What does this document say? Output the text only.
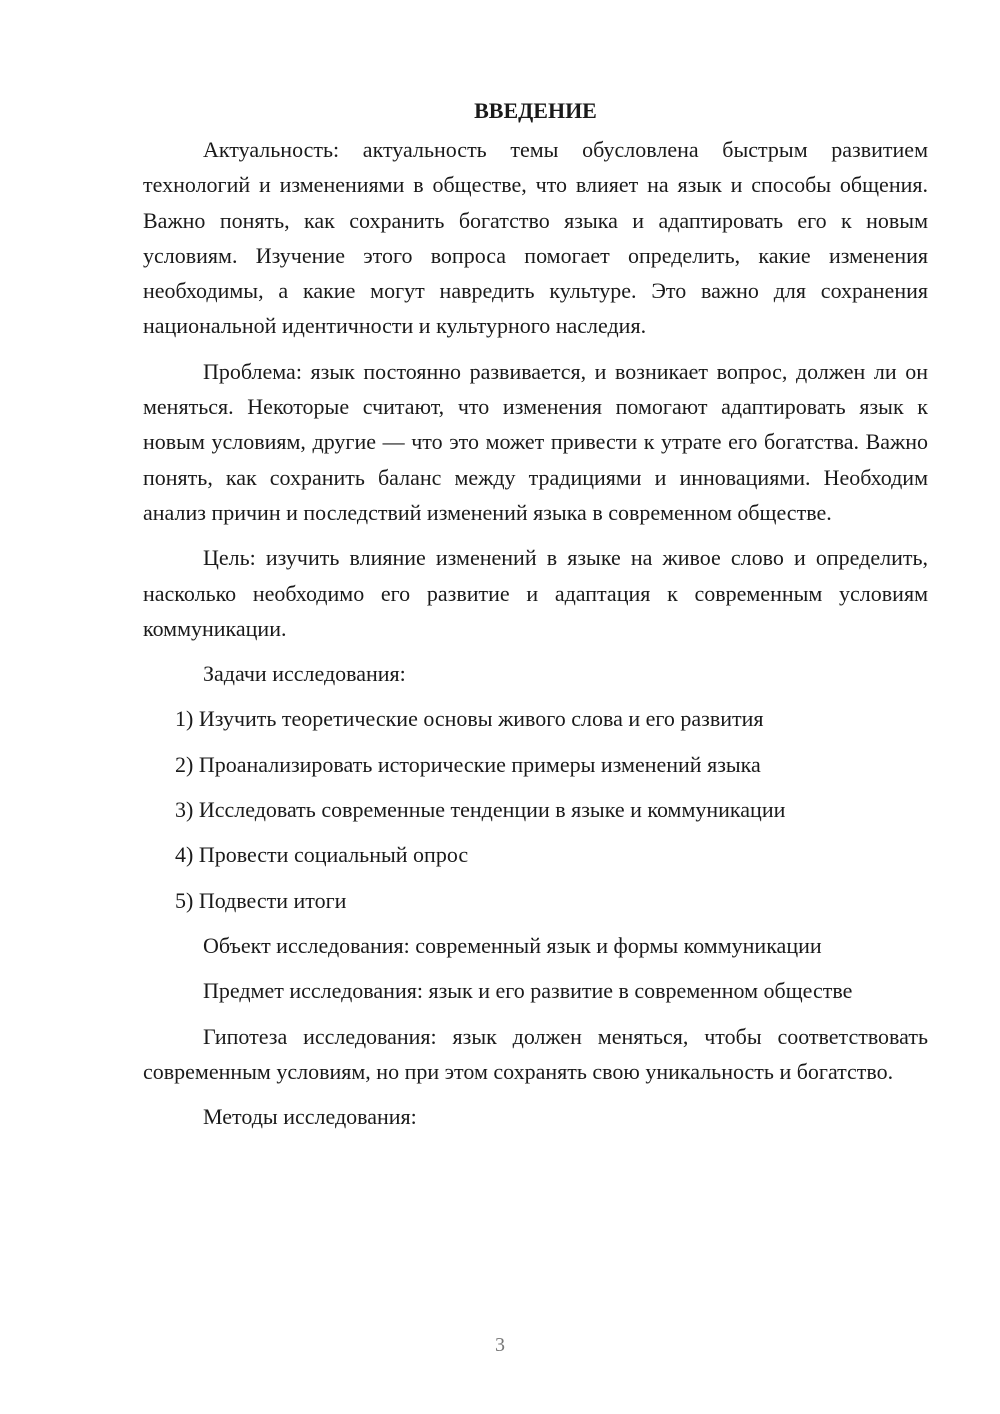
ВВЕДЕНИЕ

Актуальность: актуальность темы обусловлена быстрым развитием технологий и изменениями в обществе, что влияет на язык и способы общения. Важно понять, как сохранить богатство языка и адаптировать его к новым условиям. Изучение этого вопроса помогает определить, какие изменения необходимы, а какие могут навредить культуре. Это важно для сохранения национальной идентичности и культурного наследия.

Проблема: язык постоянно развивается, и возникает вопрос, должен ли он меняться. Некоторые считают, что изменения помогают адаптировать язык к новым условиям, другие — что это может привести к утрате его богатства. Важно понять, как сохранить баланс между традициями и инновациями. Необходим анализ причин и последствий изменений языка в современном обществе.

Цель: изучить влияние изменений в языке на живое слово и определить, насколько необходимо его развитие и адаптация к современным условиям коммуникации.

Задачи исследования:
1) Изучить теоретические основы живого слова и его развития
2) Проанализировать исторические примеры изменений языка
3) Исследовать современные тенденции в языке и коммуникации
4) Провести социальный опрос
5) Подвести итоги

Объект исследования: современный язык и формы коммуникации

Предмет исследования: язык и его развитие в современном обществе

Гипотеза исследования: язык должен меняться, чтобы соответствовать современным условиям, но при этом сохранять свою уникальность и богатство.

Методы исследования:
3
